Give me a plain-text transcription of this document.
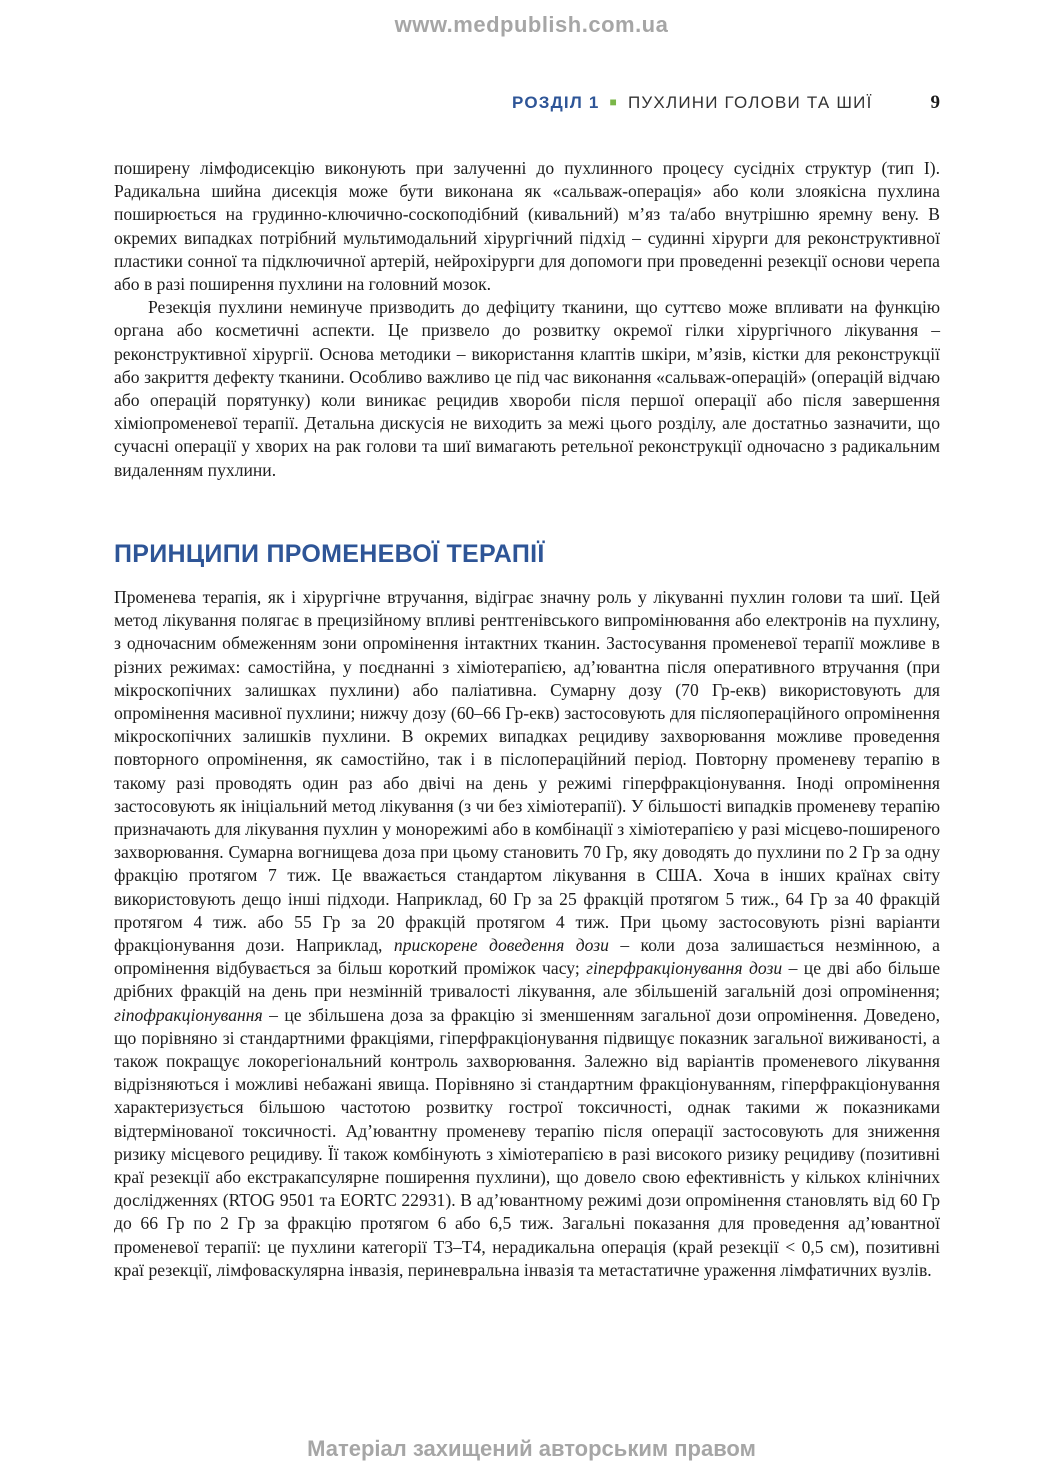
www.medpublish.com.ua
РОЗДІЛ 1 ■ ПУХЛИНИ ГОЛОВИ ТА ШИЇ	9

поширену лімфодисекцію виконують при залученні до пухлинного процесу сусідніх структур (тип I). Радикальна шийна дисекція може бути виконана як «сальваж-операція» або коли злоякісна пухлина поширюється на грудинно-ключично-соскоподібний (кивальний) м’яз та/або внутрішню яремну вену. В окремих випадках потрібний мультимодальний хірургічний підхід – судинні хірурги для реконструктивної пластики сонної та підключичної артерій, нейрохірурги для допомоги при проведенні резекції основи черепа або в разі поширення пухлини на головний мозок.

Резекція пухлини неминуче призводить до дефіциту тканини, що суттєво може впливати на функцію органа або косметичні аспекти. Це призвело до розвитку окремої гілки хірургічного лікування – реконструктивної хірургії. Основа методики – використання клаптів шкіри, м’язів, кістки для реконструкції або закриття дефекту тканини. Особливо важливо це під час виконання «сальваж-операцій» (операцій відчаю або операцій порятунку) коли виникає рецидив хвороби після першої операції або після завершення хіміопроменевої терапії. Детальна дискусія не виходить за межі цього розділу, але достатньо зазначити, що сучасні операції у хворих на рак голови та шиї вимагають ретельної реконструкції одночасно з радикальним видаленням пухлини.

ПРИНЦИПИ ПРОМЕНЕВОЇ ТЕРАПІЇ

Променева терапія, як і хірургічне втручання, відіграє значну роль у лікуванні пухлин голови та шиї. Цей метод лікування полягає в прецизійному впливі рентгенівського випромінювання або електронів на пухлину, з одночасним обмеженням зони опромінення інтактних тканин. Застосування променевої терапії можливе в різних режимах: самостійна, у поєднанні з хіміотерапією, ад’ювантна після оперативного втручання (при мікроскопічних залишках пухлини) або паліативна. Сумарну дозу (70 Гр-екв) використовують для опромінення масивної пухлини; нижчу дозу (60–66 Гр-екв) застосовують для післяопераційного опромінення мікроскопічних залишків пухлини. В окремих випадках рецидиву захворювання можливе проведення повторного опромінення, як самостійно, так і в післопераційний період. Повторну променеву терапію в такому разі проводять один раз або двічі на день у режимі гіперфракціонування. Іноді опромінення застосовують як ініціальний метод лікування (з чи без хіміотерапії). У більшості випадків променеву терапію призначають для лікування пухлин у монорежимі або в комбінації з хіміотерапією у разі місцево-поширеного захворювання. Сумарна вогнищева доза при цьому становить 70 Гр, яку доводять до пухлини по 2 Гр за одну фракцію протягом 7 тиж. Це вважається стандартом лікування в США. Хоча в інших країнах світу використовують дещо інші підходи. Наприклад, 60 Гр за 25 фракцій протягом 5 тиж., 64 Гр за 40 фракцій протягом 4 тиж. або 55 Гр за 20 фракцій протягом 4 тиж. При цьому застосовують різні варіанти фракціонування дози. Наприклад, прискорене доведення дози – коли доза залишається незмінною, а опромінення відбувається за більш короткий проміжок часу; гіперфракціонування дози – це дві або більше дрібних фракцій на день при незмінній тривалості лікування, але збільшеній загальній дозі опромінення; гіпофракціонування – це збільшена доза за фракцію зі зменшенням загальної дози опромінення. Доведено, що порівняно зі стандартними фракціями, гіперфракціонування підвищує показник загальної виживаності, а також покращує локорегіональний контроль захворювання. Залежно від варіантів променевого лікування відрізняються і можливі небажані явища. Порівняно зі стандартним фракціонуванням, гіперфракціонування характеризується більшою частотою розвитку гострої токсичності, однак такими ж показниками відтермінованої токсичності. Ад’ювантну променеву терапію після операції застосовують для зниження ризику місцевого рецидиву. Її також комбінують з хіміотерапією в разі високого ризику рецидиву (позитивні краї резекції або екстракапсулярне поширення пухлини), що довело свою ефективність у кількох клінічних дослідженнях (RTOG 9501 та EORTC 22931). В ад’ювантному режимі дози опромінення становлять від 60 Гр до 66 Гр по 2 Гр за фракцію протягом 6 або 6,5 тиж. Загальні показання для проведення ад’ювантної променевої терапії: це пухлини категорії T3–T4, нерадикальна операція (край резекції < 0,5 см), позитивні краї резекції, лімфоваскулярна інвазія, периневральна інвазія та метастатичне ураження лімфатичних вузлів.

Матеріал захищений авторським правом
